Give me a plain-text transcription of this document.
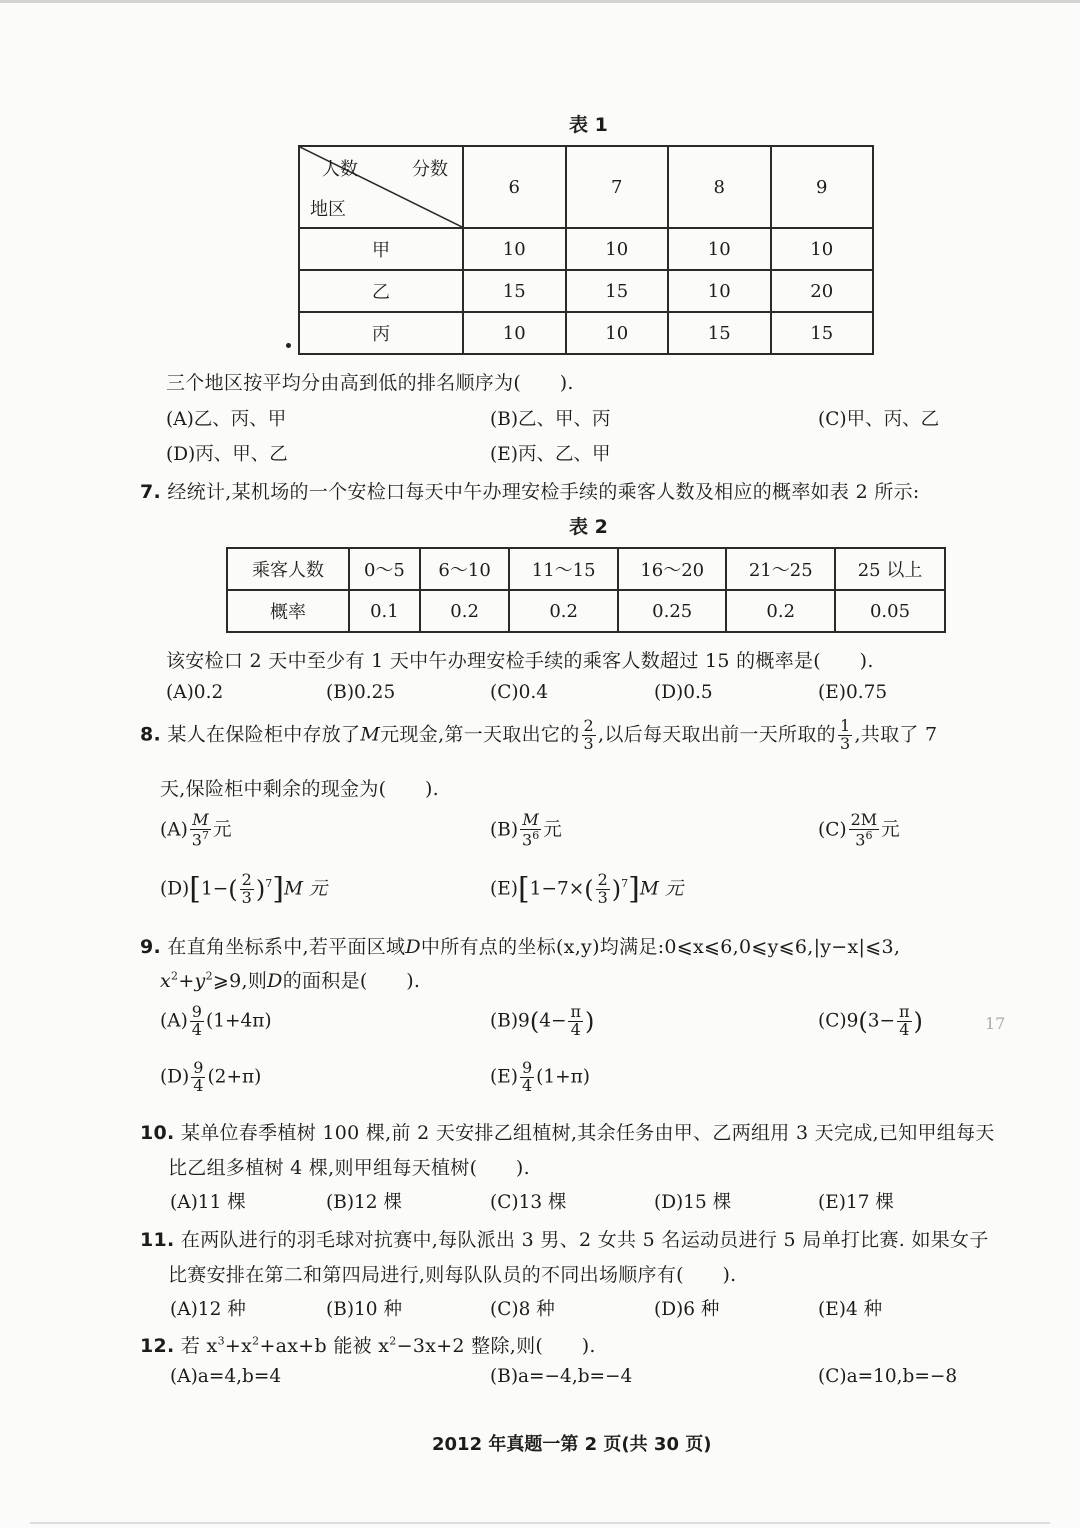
表 1
人数 分数
地区	6	7	8	9
甲	10	10	10	10
乙	15	15	10	20
丙	10	10	15	15
三个地区按平均分由高到低的排名顺序为(　　).
(A)乙、丙、甲	(B)乙、甲、丙	(C)甲、丙、乙
(D)丙、甲、乙	(E)丙、乙、甲
7. 经统计,某机场的一个安检口每天中午办理安检手续的乘客人数及相应的概率如表 2 所示:
表 2
乘客人数	0～5	6～10	11～15	16～20	21～25	25 以上
概率	0.1	0.2	0.2	0.25	0.2	0.05
该安检口 2 天中至少有 1 天中午办理安检手续的乘客人数超过 15 的概率是(　　).
(A)0.2	(B)0.25	(C)0.4	(D)0.5	(E)0.75
8. 某人在保险柜中存放了M元现金,第一天取出它的 $\frac{2}{3}$ ,以后每天取出前一天所取的 $\frac{1}{3}$ ,共取了 7
天,保险柜中剩余的现金为(　　).
$(A) \frac{M}{3^7}$ 元	$(B) \frac{M}{3^6}$ 元	$(C) \frac{2M}{3^6}$ 元
$(D)[1-( \frac{2}{3} )^7]M$ 元	$(E)[1-7\times( \frac{2}{3} )^7]M$ 元
9. 在直角坐标系中,若平面区域D中所有点的坐标(x,y)均满足:0⩽x⩽6,0⩽y⩽6,|y−x|⩽3,
$x^2+y^2⩾9$,则D的面积是(　　).
$(A) \frac{9}{4} (1+4\pi)$	$(B)9(4- \frac{\pi}{4}$ )	$(C)9(3- \frac{\pi}{4}$ )	17
$(D) \frac{9}{4} (2+\pi)$	$(E) \frac{9}{4} (1+\pi)$
10. 某单位春季植树 100 棵,前 2 天安排乙组植树,其余任务由甲、乙两组用 3 天完成,已知甲组每天
比乙组多植树 4 棵,则甲组每天植树(　　).
(A)11 棵	(B)12 棵	(C)13 棵	(D)15 棵	(E)17 棵
11. 在两队进行的羽毛球对抗赛中,每队派出 3 男、2 女共 5 名运动员进行 5 局单打比赛. 如果女子
比赛安排在第二和第四局进行,则每队队员的不同出场顺序有(　　).
(A)12 种	(B)10 种	(C)8 种	(D)6 种	(E)4 种
12. 若 $x^3+x^2+ax+b$ 能被 $x^2-3x+2$ 整除,则(　　).
(A)a=4,b=4	(B)a=−4,b=−4	(C)a=10,b=−8
2012 年真题一第 2 页(共 30 页)
